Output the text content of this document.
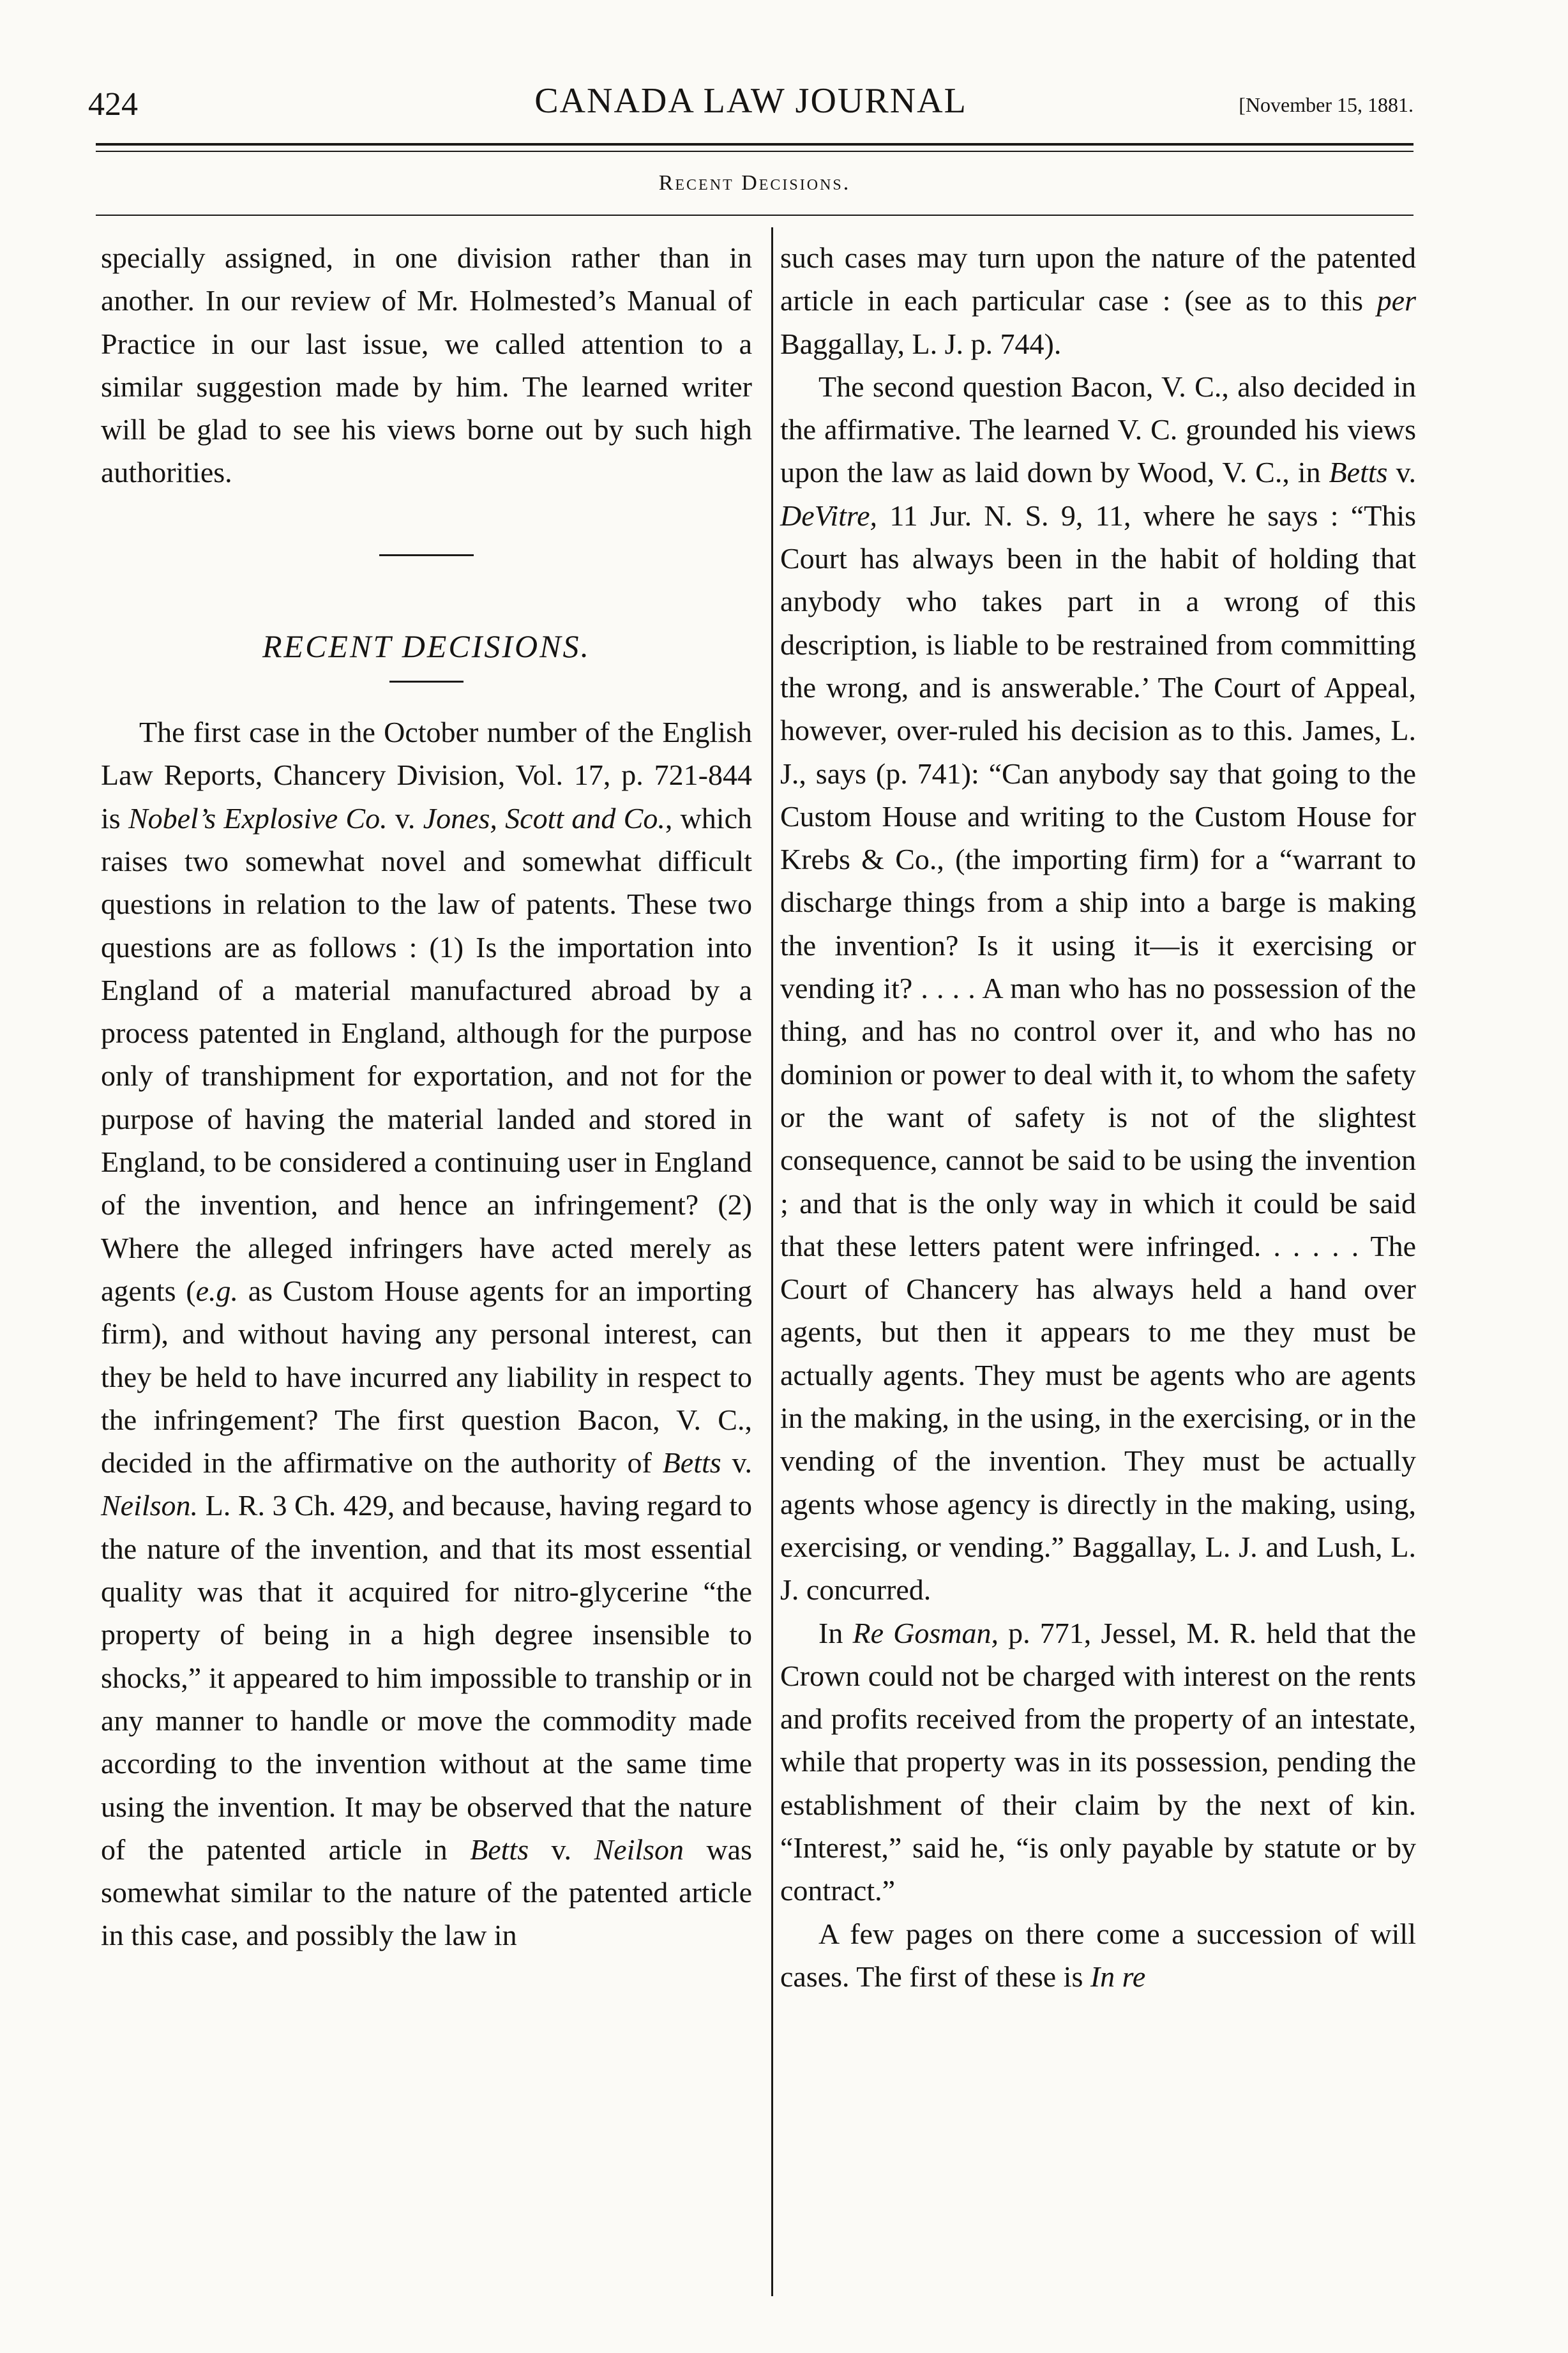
424	CANADA LAW JOURNAL	[November 15, 1881.
Recent Decisions.

specially assigned, in one division rather than in another. In our review of Mr. Holmested’s Manual of Practice in our last issue, we called attention to a similar suggestion made by him. The learned writer will be glad to see his views borne out by such high authorities.

RECENT DECISIONS.

The first case in the October number of the English Law Reports, Chancery Division, Vol. 17, p. 721-844 is Nobel’s Explosive Co. v. Jones, Scott and Co., which raises two somewhat novel and somewhat difficult questions in relation to the law of patents. These two questions are as follows : (1) Is the importation into England of a material manufactured abroad by a process patented in England, although for the purpose only of transhipment for exportation, and not for the purpose of having the material landed and stored in England, to be considered a continuing user in England of the invention, and hence an infringement? (2) Where the alleged infringers have acted merely as agents (e.g. as Custom House agents for an importing firm), and without having any personal interest, can they be held to have incurred any liability in respect to the infringement? The first question Bacon, V. C., decided in the affirmative on the authority of Betts v. Neilson. L. R. 3 Ch. 429, and because, having regard to the nature of the invention, and that its most essential quality was that it acquired for nitro-glycerine “the property of being in a high degree insensible to shocks,” it appeared to him impossible to tranship or in any manner to handle or move the commodity made according to the invention without at the same time using the invention. It may be observed that the nature of the patented article in Betts v. Neilson was somewhat similar to the nature of the patented article in this case, and possibly the law in

such cases may turn upon the nature of the patented article in each particular case : (see as to this per Baggallay, L. J. p. 744).

The second question Bacon, V. C., also decided in the affirmative. The learned V. C. grounded his views upon the law as laid down by Wood, V. C., in Betts v. DeVitre, 11 Jur. N. S. 9, 11, where he says : “This Court has always been in the habit of holding that anybody who takes part in a wrong of this description, is liable to be restrained from committing the wrong, and is answerable.’ The Court of Appeal, however, over-ruled his decision as to this. James, L. J., says (p. 741): “Can anybody say that going to the Custom House and writing to the Custom House for Krebs & Co., (the importing firm) for a “warrant to discharge things from a ship into a barge is making the invention? Is it using it—is it exercising or vending it? . . . . A man who has no possession of the thing, and has no control over it, and who has no dominion or power to deal with it, to whom the safety or the want of safety is not of the slightest consequence, cannot be said to be using the invention ; and that is the only way in which it could be said that these letters patent were infringed. . . . . . The Court of Chancery has always held a hand over agents, but then it appears to me they must be actually agents. They must be agents who are agents in the making, in the using, in the exercising, or in the vending of the invention. They must be actually agents whose agency is directly in the making, using, exercising, or vending.” Baggallay, L. J. and Lush, L. J. concurred.

In Re Gosman, p. 771, Jessel, M. R. held that the Crown could not be charged with interest on the rents and profits received from the property of an intestate, while that property was in its possession, pending the establishment of their claim by the next of kin. “Interest,” said he, “is only payable by statute or by contract.”

A few pages on there come a succession of will cases. The first of these is In re
